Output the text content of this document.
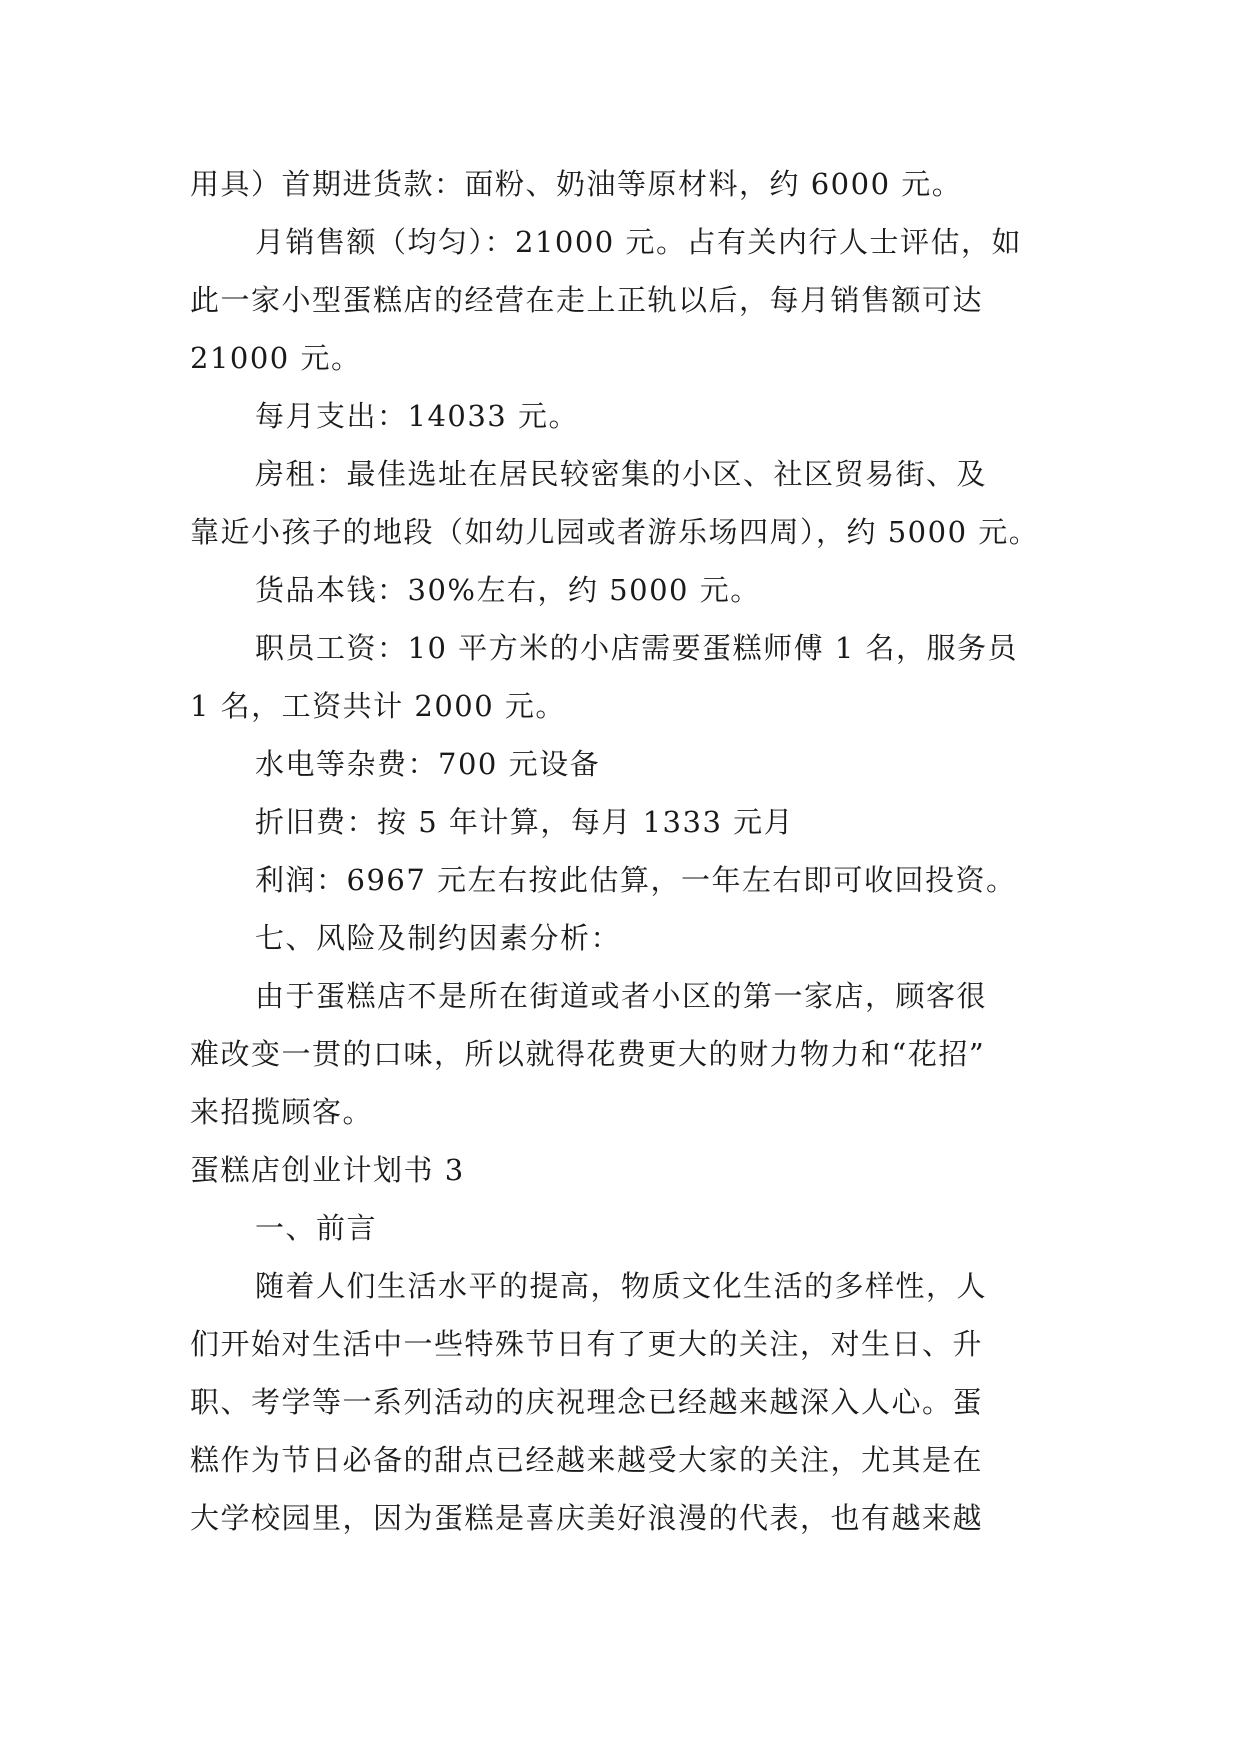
用具）首期进货款：面粉、奶油等原材料，约 6000 元。
月销售额（均匀）：21000 元。占有关内行人士评估，如
此一家小型蛋糕店的经营在走上正轨以后，每月销售额可达
21000 元。
每月支出：14033 元。
房租：最佳选址在居民较密集的小区、社区贸易街、及
靠近小孩子的地段（如幼儿园或者游乐场四周），约 5000 元。
货品本钱：30%左右，约 5000 元。
职员工资：10 平方米的小店需要蛋糕师傅 1 名，服务员
1 名，工资共计 2000 元。
水电等杂费：700 元设备
折旧费：按 5 年计算，每月 1333 元月
利润：6967 元左右按此估算，一年左右即可收回投资。
七、风险及制约因素分析：
由于蛋糕店不是所在街道或者小区的第一家店，顾客很
难改变一贯的口味，所以就得花费更大的财力物力和“花招”
来招揽顾客。
蛋糕店创业计划书 3
一、前言
随着人们生活水平的提高，物质文化生活的多样性，人
们开始对生活中一些特殊节日有了更大的关注，对生日、升
职、考学等一系列活动的庆祝理念已经越来越深入人心。蛋
糕作为节日必备的甜点已经越来越受大家的关注，尤其是在
大学校园里，因为蛋糕是喜庆美好浪漫的代表，也有越来越
